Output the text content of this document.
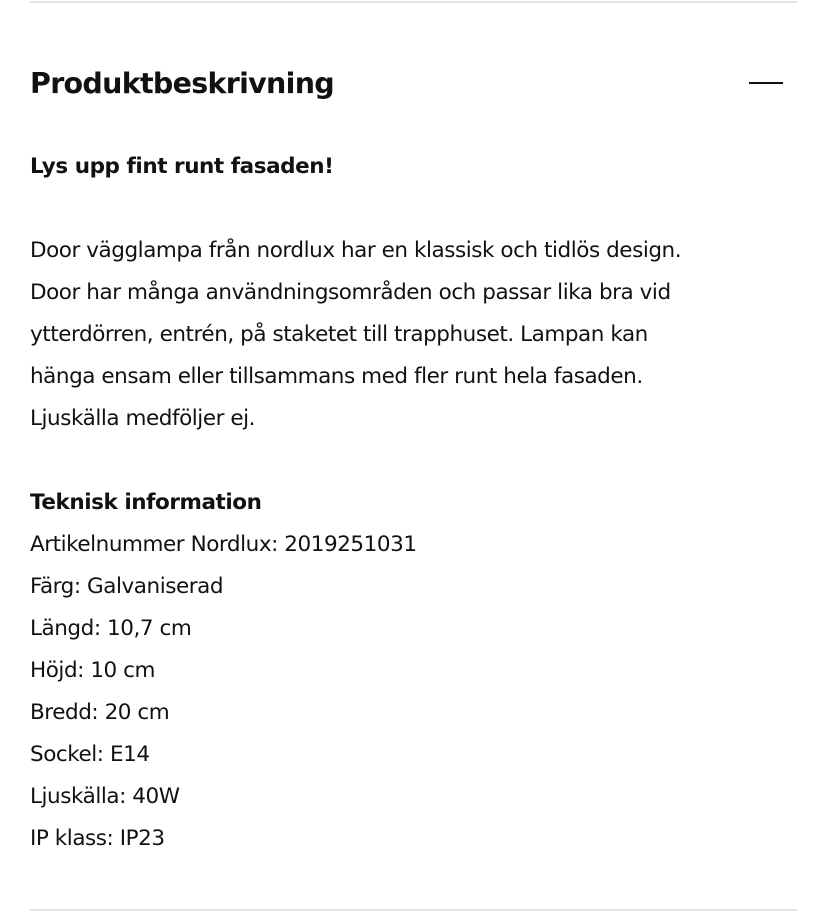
Produktbeskrivning

Lys upp fint runt fasaden!

Door vägglampa från nordlux har en klassisk och tidlös design.

Door har många användningsområden och passar lika bra vid

ytterdörren, entrén, på staketet till trapphuset. Lampan kan

hänga ensam eller tillsammans med fler runt hela fasaden.

Ljuskälla medföljer ej.

Teknisk information

Artikelnummer Nordlux: 2019251031

Färg: Galvaniserad

Längd: 10,7 cm

Höjd: 10 cm

Bredd: 20 cm

Sockel: E14

Ljuskälla: 40W

IP klass: IP23
